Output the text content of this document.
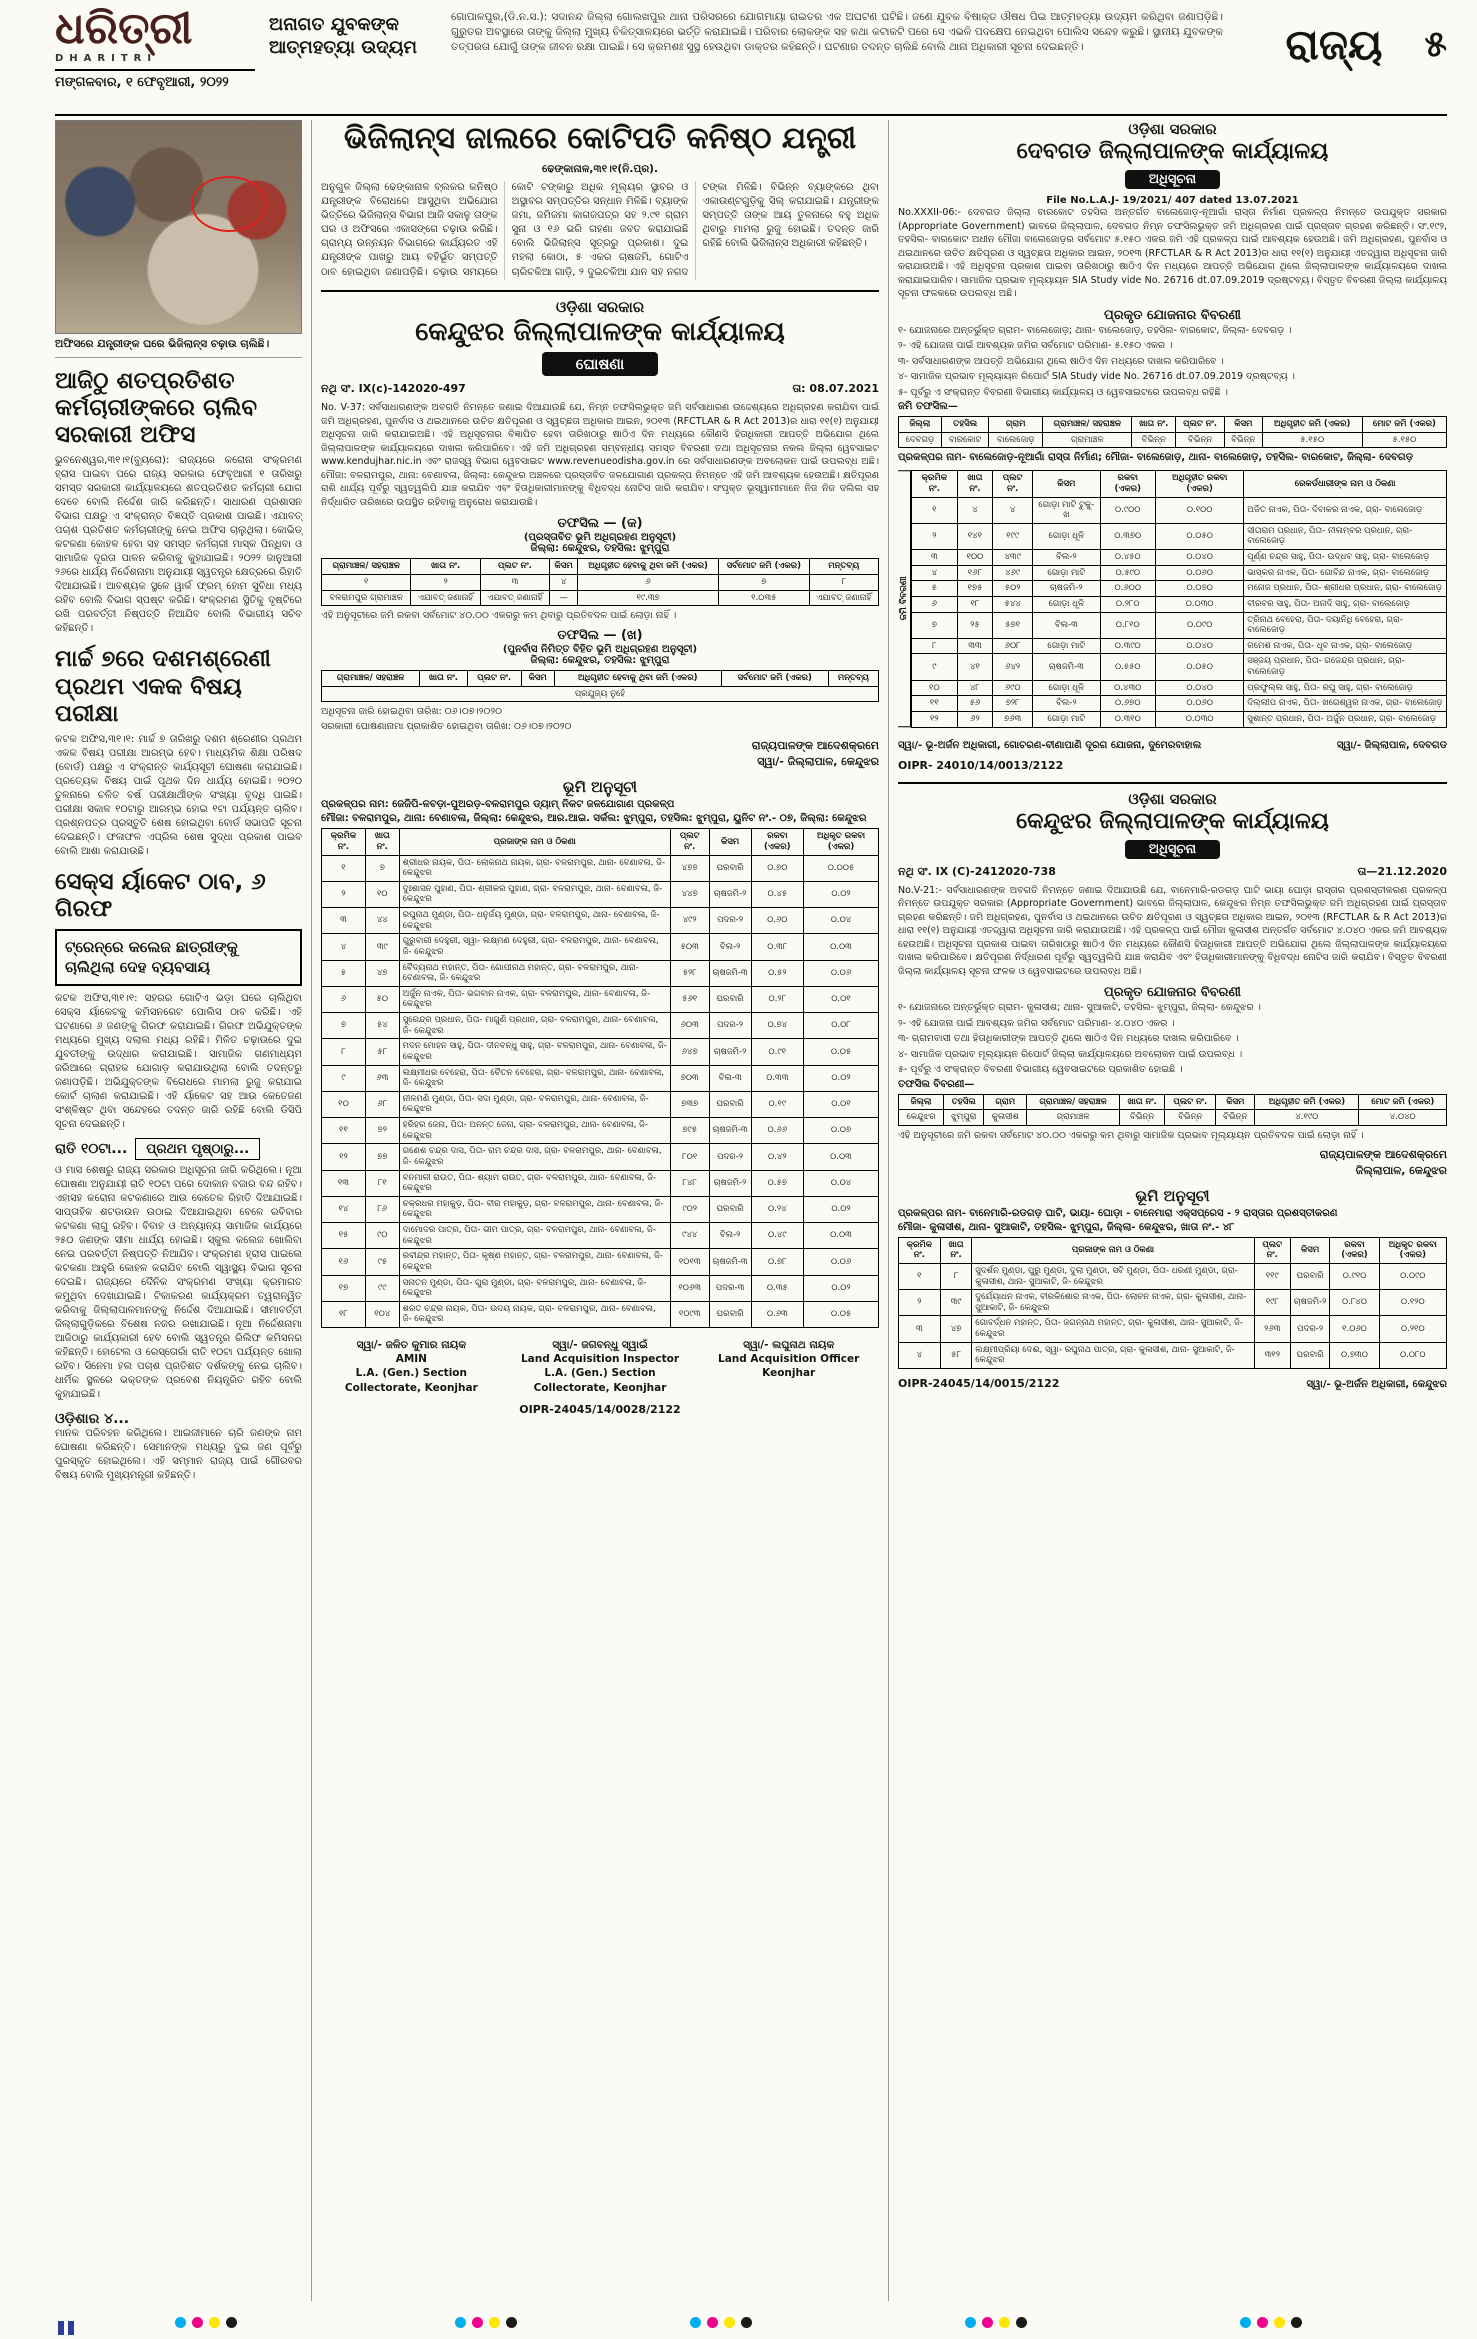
ଧରିତ୍ରୀ
DHARITRI
ମଙ୍ଗଳବାର, ୧ ଫେବୃଆରୀ, ୨୦୨୨
ଅନାଗତ ଯୁବକଙ୍କ
ଆତ୍ମହତ୍ୟା ଉଦ୍ୟମ
ଗୋପାଳପୁର,(ଡି.ନ.ସ.): ସଦାନନ୍ଦ ଜିଲ୍ଲା ଗୋଲଖପୁର ଥାନା ପରିସରରେ ଯୋଗମାୟା ରାଇତର ଏକ ଅଘଟଣ ଘଟିଛି। ଜଣେ ଯୁବକ ବିଷାକ୍ତ ଔଷଧ ପିଇ ଆତ୍ମହତ୍ୟା ଉଦ୍ୟମ କରିଥିବା ଜଣାପଡ଼ିଛି। ଗୁରୁତର ଅବସ୍ଥାରେ ତାଙ୍କୁ ଜିଲ୍ଲା ମୁଖ୍ୟ ଚିକିତ୍ସାଳୟରେ ଭର୍ତ୍ତି କରାଯାଇଛି। ପରିବାର ଲୋକଙ୍କ ସହ କଥା କଟାକଟି ପରେ ସେ ଏଭଳି ପଦକ୍ଷେପ ନେଇଥିବା ପୋଲିସ ସନ୍ଦେହ କରୁଛି। ସ୍ଥାନୀୟ ଯୁବକଙ୍କ ତତ୍ପରତା ଯୋଗୁଁ ତାଙ୍କ ଜୀବନ ରକ୍ଷା ପାଇଛି। ସେ କ୍ରମଶଃ ସୁସ୍ଥ ହେଉଥିବା ଡାକ୍ତର କହିଛନ୍ତି। ଘଟଣାର ତଦନ୍ତ ଚାଲିଛି ବୋଲି ଥାନା ଅଧିକାରୀ ସୂଚନା ଦେଇଛନ୍ତି।	ରାଜ୍ୟ ୫
ଅଫିସରେ ଯନ୍ତ୍ରୀଙ୍କ ଘରେ ଭିଜିଲାନ୍ସ ଚଢ଼ାଉ ଚାଲିଛି।
ଆଜିଠୁ ଶତପ୍ରତିଶତ କର୍ମଚାରୀଙ୍କରେ ଚାଲିବ ସରକାରୀ ଅଫିସ

ଭୁବନେଶ୍ୱର,୩୧।୧(ବ୍ୟୁରୋ): ରାଜ୍ୟରେ କରୋନା ସଂକ୍ରମଣ ହ୍ରାସ ପାଇବା ପରେ ରାଜ୍ୟ ସରକାର ଫେବୃଆରୀ ୧ ତାରିଖରୁ ସମସ୍ତ ସରକାରୀ କାର୍ଯ୍ୟାଳୟରେ ଶତପ୍ରତିଶତ କର୍ମଚାରୀ ଯୋଗ ଦେବେ ବୋଲି ନିର୍ଦ୍ଦେଶ ଜାରି କରିଛନ୍ତି। ସାଧାରଣ ପ୍ରଶାସନ ବିଭାଗ ପକ୍ଷରୁ ଏ ସଂକ୍ରାନ୍ତ ବିଜ୍ଞପ୍ତି ପ୍ରକାଶ ପାଇଛି। ଏଯାବତ୍ ପଚାଶ ପ୍ରତିଶତ କର୍ମଚାରୀଙ୍କୁ ନେଇ ଅଫିସ ଚାଲୁଥିଲା। କୋଭିଡ୍ କଟକଣା କୋହଳ ହେବା ସହ ସମସ୍ତ କର୍ମଚାରୀ ମାସ୍କ ପିନ୍ଧିବା ଓ ସାମାଜିକ ଦୂରତା ପାଳନ କରିବାକୁ କୁହାଯାଇଛି। ୨୦୨୨ ଜାନୁଆରୀ ୨୬ରେ ଧାର୍ଯ୍ୟ ନିର୍ଦ୍ଦେଶନାମା ଅନୁଯାୟୀ ସ୍ୱତନ୍ତ୍ର କ୍ଷେତ୍ରରେ ରିହାତି ଦିଆଯାଇଛି। ଆବଶ୍ୟକ ସ୍ଥଳେ ୱାର୍କ ଫ୍ରମ୍ ହୋମ ସୁବିଧା ମଧ୍ୟ ରହିବ ବୋଲି ବିଭାଗ ସ୍ପଷ୍ଟ କରିଛି। ସଂକ୍ରମଣ ସ୍ଥିତିକୁ ଦୃଷ୍ଟିରେ ରଖି ପରବର୍ତ୍ତୀ ନିଷ୍ପତ୍ତି ନିଆଯିବ ବୋଲି ବିଭାଗୀୟ ସଚିବ କହିଛନ୍ତି।

ମାର୍ଚ୍ଚ ୭ରେ ଦଶମଶ୍ରେଣୀ ପ୍ରଥମ ଏକକ ବିଷୟ ପରୀକ୍ଷା

କଟକ ଅଫିସ,୩୧।୧: ମାର୍ଚ୍ଚ ୭ ତାରିଖରୁ ଦଶମ ଶ୍ରେଣୀର ପ୍ରଥମ ଏକକ ବିଷୟ ପରୀକ୍ଷା ଆରମ୍ଭ ହେବ। ମାଧ୍ୟମିକ ଶିକ୍ଷା ପରିଷଦ (ବୋର୍ଡ) ପକ୍ଷରୁ ଏ ସଂକ୍ରାନ୍ତ କାର୍ଯ୍ୟସୂଚୀ ଘୋଷଣା କରାଯାଇଛି। ପ୍ରତ୍ୟେକ ବିଷୟ ପାଇଁ ପୃଥକ ଦିନ ଧାର୍ଯ୍ୟ ହୋଇଛି। ୨୦୨୦ ତୁଳନାରେ ଚଳିତ ବର୍ଷ ପରୀକ୍ଷାର୍ଥୀଙ୍କ ସଂଖ୍ୟା ବୃଦ୍ଧି ପାଇଛି। ପରୀକ୍ଷା ସକାଳ ୧୦ଟାରୁ ଆରମ୍ଭ ହୋଇ ୧ଟା ପର୍ଯ୍ୟନ୍ତ ଚାଲିବ। ପ୍ରଶ୍ନପତ୍ର ପ୍ରସ୍ତୁତି ଶେଷ ହୋଇଥିବା ବୋର୍ଡ ସଭାପତି ସୂଚନା ଦେଇଛନ୍ତି। ଫଳାଫଳ ଏପ୍ରିଲ ଶେଷ ସୁଦ୍ଧା ପ୍ରକାଶ ପାଇବ ବୋଲି ଆଶା କରାଯାଉଛି।

ସେକ୍ସ ର୍ୟାକେଟ ଠାବ, ୬ ଗିରଫ
ଟ୍ରେନ୍‌ରେ କଲେଜ ଛାତ୍ରୀଙ୍କୁ ଚାଲିଥିଲା ଦେହ ବ୍ୟବସାୟ

କଟକ ଅଫିସ,୩୧।୧: ସହରର ଗୋଟିଏ ଭଡ଼ା ଘରେ ଚାଲିଥିବା ସେକ୍ସ ର୍ୟାକେଟକୁ କମିସନରେଟ ପୋଲିସ ଠାବ କରିଛି। ଏହି ଘଟଣାରେ ୬ ଜଣଙ୍କୁ ଗିରଫ କରାଯାଇଛି। ଗିରଫ ଅଭିଯୁକ୍ତଙ୍କ ମଧ୍ୟରେ ମୁଖ୍ୟ ଦଲାଲ ମଧ୍ୟ ରହିଛି। ମିଳିତ ଚଢ଼ାଉରେ ଦୁଇ ଯୁବତୀଙ୍କୁ ଉଦ୍ଧାର କରାଯାଇଛି। ସାମାଜିକ ଗଣମାଧ୍ୟମ ଜରିଆରେ ଗ୍ରାହକ ଯୋଗାଡ଼ କରାଯାଉଥିଲା ବୋଲି ତଦନ୍ତରୁ ଜଣାପଡ଼ିଛି। ଅଭିଯୁକ୍ତଙ୍କ ବିରୋଧରେ ମାମଲା ରୁଜୁ କରାଯାଇ କୋର୍ଟ ଚାଲାଣ କରାଯାଇଛି। ଏହି ର୍ୟାକେଟ ସହ ଆଉ କେତେଜଣ ସଂଶ୍ଳିଷ୍ଟ ଥିବା ସନ୍ଦେହରେ ତଦନ୍ତ ଜାରି ରହିଛି ବୋଲି ଡିସିପି ସୂଚନା ଦେଇଛନ୍ତି।

ରାତି ୧୦ଟା... ପ୍ରଥମ ପୃଷ୍ଠାରୁ...

ଓ ମାସ ଶେଷରୁ ରାଜ୍ୟ ସରକାର ଅଧିସୂଚନା ଜାରି କରିଥିଲେ। ନୂଆ ଘୋଷଣା ଅନୁଯାୟୀ ରାତି ୧୦ଟା ପରେ ଦୋକାନ ବଜାର ବନ୍ଦ ରହିବ। ଏହାସହ କରୋନା କଟକଣାରେ ଆଉ କେତେକ ରିହାତି ଦିଆଯାଇଛି। ସାପ୍ତାହିକ ଶଟଡାଉନ ଉଠାଇ ଦିଆଯାଇଥିବା ବେଳେ ରବିବାର କଟକଣା ଲାଗୁ ରହିବ। ବିବାହ ଓ ଅନ୍ୟାନ୍ୟ ସାମାଜିକ କାର୍ଯ୍ୟରେ ୨୫୦ ଜଣଙ୍କ ସୀମା ଧାର୍ଯ୍ୟ ହୋଇଛି। ସ୍କୁଲ କଲେଜ ଖୋଲିବା ନେଇ ପରବର୍ତ୍ତୀ ନିଷ୍ପତ୍ତି ନିଆଯିବ। ସଂକ୍ରମଣ ହ୍ରାସ ପାଇଲେ କଟକଣା ଆହୁରି କୋହଳ କରାଯିବ ବୋଲି ସ୍ୱାସ୍ଥ୍ୟ ବିଭାଗ ସୂଚନା ଦେଇଛି। ରାଜ୍ୟରେ ଦୈନିକ ସଂକ୍ରମଣ ସଂଖ୍ୟା କ୍ରମାଗତ କମୁଥିବା ଦେଖାଯାଇଛି। ଟିକାକରଣ କାର୍ଯ୍ୟକ୍ରମ ତ୍ୱରାନ୍ୱିତ କରିବାକୁ ଜିଲ୍ଲାପାଳମାନଙ୍କୁ ନିର୍ଦ୍ଦେଶ ଦିଆଯାଇଛି। ସୀମାବର୍ତ୍ତୀ ଜିଲ୍ଲାଗୁଡ଼ିକରେ ବିଶେଷ ନଜର ରଖାଯାଇଛି। ନୂଆ ନିର୍ଦ୍ଦେଶନାମା ଆଜିଠାରୁ କାର୍ଯ୍ୟକାରୀ ହେବ ବୋଲି ସ୍ୱତନ୍ତ୍ର ରିଲିଫ କମିସନର କହିଛନ୍ତି। ହୋଟେଲ ଓ ରେସ୍ତୋରାଁ ରାତି ୧୦ଟା ପର୍ଯ୍ୟନ୍ତ ଖୋଲା ରହିବ। ସିନେମା ହଲ ପଚାଶ ପ୍ରତିଶତ ଦର୍ଶକଙ୍କୁ ନେଇ ଚାଲିବ। ଧାର୍ମିକ ସ୍ଥଳରେ ଭକ୍ତଙ୍କ ପ୍ରବେଶ ନିୟନ୍ତ୍ରିତ ରହିବ ବୋଲି କୁହାଯାଇଛି।

ଓଡ଼ିଶାର ୪...

ମାନକ ପରିବହନ କରିଥିଲେ। ଆଇଜୀମାନେ ଚାରି ଜଣଙ୍କ ନାମ ଘୋଷଣା କରିଛନ୍ତି। ସେମାନଙ୍କ ମଧ୍ୟରୁ ଦୁଇ ଜଣ ପୂର୍ବରୁ ପୁରସ୍କୃତ ହୋଇଥିଲେ। ଏହି ସମ୍ମାନ ରାଜ୍ୟ ପାଇଁ ଗୌରବର ବିଷୟ ବୋଲି ମୁଖ୍ୟମନ୍ତ୍ରୀ କହିଛନ୍ତି।

ଭିଜିଲାନ୍ସ ଜାଲରେ କୋଟିପତି କନିଷ୍ଠ ଯନ୍ତ୍ରୀ
ଢେଙ୍କାନାଳ,୩୧।୧(ନି.ପ୍ର).
ଅନୁଗୁଳ ଜିଲ୍ଲା ଢେଙ୍କାନାଳ ବ୍ଲକର କନିଷ୍ଠ ଯନ୍ତ୍ରୀଙ୍କ ବିରୋଧରେ ଆସୁଥିବା ଅଭିଯୋଗ ଭିତ୍ତିରେ ଭିଜିଲାନ୍ସ ବିଭାଗ ଆଜି ସକାଳୁ ତାଙ୍କ ଘର ଓ ଅଫିସରେ ଏକାସଙ୍ଗେ ଚଢ଼ାଉ କରିଛି। ଗ୍ରାମ୍ୟ ଉନ୍ନୟନ ବିଭାଗରେ କାର୍ଯ୍ୟରତ ଏହି ଯନ୍ତ୍ରୀଙ୍କ ପାଖରୁ ଆୟ ବହିର୍ଭୂତ ସମ୍ପତ୍ତି ଠାବ ହୋଇଥିବା ଜଣାପଡ଼ିଛି। ଚଢ଼ାଉ ସମୟରେ କୋଟି ଟଙ୍କାରୁ ଅଧିକ ମୂଲ୍ୟର ସ୍ଥାବର ଓ ଅସ୍ଥାବର ସମ୍ପତ୍ତିର ସନ୍ଧାନ ମିଳିଛି। ବ୍ୟାଙ୍କ ଜମା, ଜମିଜମା କାଗଜପତ୍ର ସହ ୨.୯୧ ଗ୍ରାମ ସୁନା ଓ ୧୬ ଭରି ଗହଣା ଜବତ କରାଯାଇଛି ବୋଲି ଭିଜିଲାନ୍ସ ସୂତ୍ରରୁ ପ୍ରକାଶ। ଦୁଇ ମହଲା କୋଠା, ୫ ଏକର ଚାଷଜମି, ଗୋଟିଏ ଚାରିଚକିଆ ଗାଡ଼ି, ୨ ଦୁଇଚକିଆ ଯାନ ସହ ନଗଦ ଟଙ୍କା ମିଳିଛି। ବିଭିନ୍ନ ବ୍ୟାଙ୍କରେ ଥିବା ଏକାଉଣ୍ଟଗୁଡ଼ିକୁ ସିଲ୍ କରାଯାଇଛି। ଯନ୍ତ୍ରୀଙ୍କ ସମ୍ପତ୍ତି ତାଙ୍କ ଆୟ ତୁଳନାରେ ବହୁ ଅଧିକ ଥିବାରୁ ମାମଲା ରୁଜୁ ହୋଇଛି। ତଦନ୍ତ ଜାରି ରହିଛି ବୋଲି ଭିଜିଲାନ୍ସ ଅଧିକାରୀ କହିଛନ୍ତି।
ଓଡ଼ିଶା ସରକାର
କେନ୍ଦୁଝର ଜିଲ୍ଲାପାଳଙ୍କ କାର୍ଯ୍ୟାଳୟ
ଘୋଷଣା
ନଥି ସଂ. IX(c)-142020-497	ତା: 08.07.2021

No. V-37: ସର୍ବସାଧାରଣଙ୍କ ଅବଗତି ନିମନ୍ତେ ଜଣାଇ ଦିଆଯାଉଛି ଯେ, ନିମ୍ନ ତଫସିଲଭୁକ୍ତ ଜମି ସର୍ବସାଧାରଣ ଉଦ୍ଦେଶ୍ୟରେ ଅଧିଗ୍ରହଣ କରାଯିବା ପାଇଁ ଜମି ଅଧିଗ୍ରହଣ, ପୁନର୍ବାସ ଓ ଥଇଥାନରେ ଉଚିତ କ୍ଷତିପୂରଣ ଓ ସ୍ୱଚ୍ଛତା ଅଧିକାର ଆଇନ, ୨୦୧୩ (RFCTLAR & R Act 2013)ର ଧାରା ୧୧(୧) ଅନୁଯାୟୀ ଅଧିସୂଚନା ଜାରି କରାଯାଇଅଛି। ଏହି ଅଧିସୂଚନାର ବିଜ୍ଞାପିତ ହେବା ତାରିଖଠାରୁ ଷାଠିଏ ଦିନ ମଧ୍ୟରେ କୌଣସି ହିତାଧିକାରୀ ଆପତ୍ତି ଅଭିଯୋଗ ଥିଲେ ଜିଲ୍ଲାପାଳଙ୍କ କାର୍ଯ୍ୟାଳୟରେ ଦାଖଲ କରିପାରିବେ। ଏହି ଜମି ଅଧିଗ୍ରହଣ ସମ୍ବନ୍ଧୀୟ ସମସ୍ତ ବିବରଣୀ ତଥା ଅଧିସୂଚନାର ନକଲ ଜିଲ୍ଲା ୱେବସାଇଟ www.kendujhar.nic.in ଏବଂ ରାଜସ୍ୱ ବିଭାଗ ୱେବସାଇଟ www.revenueodisha.gov.in ରେ ସର୍ବସାଧାରଣଙ୍କ ଅବଲୋକନ ପାଇଁ ଉପଲବ୍ଧ ଅଛି। ମୌଜା: ବଳରାମପୁର, ଥାନା: ବେଣାବଳା, ଜିଲ୍ଲା: କେନ୍ଦୁଝର ଅଞ୍ଚଳରେ ପ୍ରସ୍ତାବିତ ଜଳଯୋଗାଣ ପ୍ରକଳ୍ପ ନିମନ୍ତେ ଏହି ଜମି ଆବଶ୍ୟକ ହେଉଅଛି। କ୍ଷତିପୂରଣ ରାଶି ଧାର୍ଯ୍ୟ ପୂର୍ବରୁ ସ୍ୱତ୍ୱଲିପି ଯାଞ୍ଚ କରାଯିବ ଏବଂ ହିତାଧିକାରୀମାନଙ୍କୁ ବିଧିବଦ୍ଧ ନୋଟିସ ଜାରି କରାଯିବ। ସଂପୃକ୍ତ ଭୂସ୍ୱାମୀମାନେ ନିଜ ନିଜ ଦଲିଲ ସହ ନିର୍ଦ୍ଧାରିତ ତାରିଖରେ ଉପସ୍ଥିତ ରହିବାକୁ ଅନୁରୋଧ କରାଯାଉଛି।

ତଫସିଲ — (କ)
(ପ୍ରସ୍ତାବିତ ଭୂମି ଅଧିଗ୍ରହଣ ଅନୁସୂଚୀ)
ଜିଲ୍ଲା: କେନ୍ଦୁଝର, ତହସିଲ: ଝୁମ୍ପୁରା
ଗ୍ରାମାଞ୍ଚଳ/ ସହରାଞ୍ଚଳ	ଖାତା ନଂ.	ପ୍ଲଟ ନଂ.	କିସମ	ଅଧିଗୃହୀତ ହେବାକୁ ଥିବା ଜମି (ଏକର)	ସର୍ବମୋଟ ଜମି (ଏକର)	ମନ୍ତବ୍ୟ
୧	୨	୩	୪	୬	୭	୮
ବଳରାମପୁର ଗ୍ରାମାଞ୍ଚଳ	ଏଯାବତ୍ ଜଣାନାହିଁ	ଏଯାବତ୍ ଜଣାନାହିଁ	—	୧୯.୩୭	୧.୦୩୫	ଏଯାବତ୍ ଜଣାନାହିଁ
ଏହି ଅନୁସୂଚୀରେ ଜମି ରକବା ସର୍ବମୋଟ ୪୦.୦୦ ଏକରରୁ କମ ଥିବାରୁ ପ୍ରତିବଦଳ ପାଇଁ ଲୋଡ଼ା ନାହିଁ ।
ତଫସିଲ — (ଖ)
(ପୁନର୍ବାସ ନିମିତ୍ତ ବିହିତ ଭୂମି ଅଧିଗ୍ରହଣ ଅନୁସୂଚୀ)
ଜିଲ୍ଲା: କେନ୍ଦୁଝର, ତହସିଲ: ଝୁମ୍ପୁରା
ଗ୍ରାମାଞ୍ଚଳ/ ସହରାଞ୍ଚଳ	ଖାତା ନଂ.	ପ୍ଲଟ ନଂ.	କିସମ	ଅଧିଗୃହୀତ ହେବାକୁ ଥିବା ଜମି (ଏକର)	ସର୍ବମୋଟ ଜମି (ଏକର)	ମନ୍ତବ୍ୟ
ପ୍ରଯୁଜ୍ୟ ନୁହେଁ
ଅଧିସୂଚନା ଜାରି ହୋଇଥିବା ତାରିଖ: ୦୬।୦୭।୨୦୨୦
ସରକାରୀ ଘୋଷଣାନାମା ପ୍ରକାଶିତ ହୋଇଥିବା ତାରିଖ: ୦୬।୦୭।୨୦୨୦
ରାଜ୍ୟପାଳଙ୍କ ଆଦେଶକ୍ରମେ
ସ୍ୱା/- ଜିଲ୍ଲାପାଳ, କେନ୍ଦୁଝର
ଭୂମି ଅନୁସୂଚୀ
ପ୍ରକଳ୍ପର ନାମ: ଜେଜିପି-ଳବଡ଼ା-ପୁଅରଡ଼-ବଳରାମପୁର ଡ୍ୟାମ୍ ନିକଟ ଜଳଯୋଗାଣ ପ୍ରକଳ୍ପ
ମୌଜା: ବଳରାମପୁର, ଥାନା: ବେଣାବଳା, ଜିଲ୍ଲା: କେନ୍ଦୁଝର, ଆର.ଆଇ. ସର୍କଲ: ଝୁମ୍ପୁରା, ତହସିଲ: ଝୁମ୍ପୁରା, ୟୁନିଟ ନଂ.- ୦୭, ଜିଲ୍ଲା: କେନ୍ଦୁଝର
କ୍ରମିକ ନଂ.	ଖାତା ନଂ.	ପ୍ରଜାଙ୍କ ନାମ ଓ ଠିକଣା	ପ୍ଲଟ ନଂ.	କିସମ	ରକବା (ଏକର)	ଅଧିକୃତ ରକବା (ଏକର)
୧	୭	ଶ୍ରୀଧର ନାୟକ, ପିତା- ଲୋକନାଥ ନାୟକ, ଗ୍ରା- ବଳରାମପୁର, ଥାନା- ବେଣାବଳା, ଜି- କେନ୍ଦୁଝର	୪୭୭	ଘରବାରି	୦.୭୦	୦.୦୦୫
୨	୧୦	ଦୁଃଶାସନ ପୁହାଣ, ପିତା- ଶ୍ରୀକର ପୁହାଣ, ଗ୍ରା- ବଳରାମପୁର, ଥାନା- ବେଣାବଳା, ଜି- କେନ୍ଦୁଝର	୪୪୭	ଚାଷଜମି-୨	୦.୪୫	୦.୦୨
୩	୪୪	ରଘୁନାଥ ମୁଣ୍ଡା, ପିତା- ଧନୁର୍ଜୟ ମୁଣ୍ଡା, ଗ୍ରା- ବଳରାମପୁର, ଥାନା- ବେଣାବଳା, ଜି- କେନ୍ଦୁଝର	୪୯୨	ପଦର-୨	୦.୬୦	୦.୦୪
୪	୩୯	ଗୁରୁବାରୀ ଦେହୁରୀ, ସ୍ୱା- ଲକ୍ଷ୍ମଣ ଦେହୁରୀ, ଗ୍ରା- ବଳରାମପୁର, ଥାନା- ବେଣାବଳା, ଜି- କେନ୍ଦୁଝର	୫୦୩	ବିଲ-୨	୦.୩୮	୦.୦୩
୫	୪୭	ବୈଦ୍ୟନାଥ ମହାନ୍ତ, ପିତା- ଗୋପୀନାଥ ମହାନ୍ତ, ଗ୍ରା- ବଳରାମପୁର, ଥାନା- ବେଣାବଳା, ଜି- କେନ୍ଦୁଝର	୫୨୮	ଚାଷଜମି-୩	୦.୫୨	୦.୦୬
୬	୫୦	ଅର୍ଜୁନ ନାଏକ, ପିତା- ଭଗବାନ ନାଏକ, ଗ୍ରା- ବଳରାମପୁର, ଥାନା- ବେଣାବଳା, ଜି- କେନ୍ଦୁଝର	୫୬୧	ଘରବାରି	୦.୨୮	୦.୦୧
୭	୫୪	ସୁରେନ୍ଦ୍ର ପ୍ରଧାନ, ପିତା- ମାଗୁଣି ପ୍ରଧାନ, ଗ୍ରା- ବଳରାମପୁର, ଥାନା- ବେଣାବଳା, ଜି- କେନ୍ଦୁଝର	୬୦୩	ପଦର-୨	୦.୭୪	୦.୦୮
୮	୫୮	ମଦନ ମୋହନ ସାହୁ, ପିତା- ଦୀନବନ୍ଧୁ ସାହୁ, ଗ୍ରା- ବଳରାମପୁର, ଥାନା- ବେଣାବଳା, ଜି- କେନ୍ଦୁଝର	୬୪୭	ଚାଷଜମି-୨	୦.୯୧	୦.୦୫
୯	୬୩	ଲକ୍ଷ୍ମୀଧର ବେହେରା, ପିତା- ଚୈତନ ବେହେରା, ଗ୍ରା- ବଳରାମପୁର, ଥାନା- ବେଣାବଳା, ଜି- କେନ୍ଦୁଝର	୭୦୩	ବିଲ-୩	୦.୩୩	୦.୦୨
୧୦	୬୮	ନୀଳମଣି ମୁଣ୍ଡା, ପିତା- ସଦା ମୁଣ୍ଡା, ଗ୍ରା- ବଳରାମପୁର, ଥାନା- ବେଣାବଳା, ଜି- କେନ୍ଦୁଝର	୭୩୭	ଘରବାରି	୦.୧୯	୦.୦୧
୧୧	୭୨	ହରିହର ଜେନା, ପିତା- ଅନନ୍ତ ଜେନା, ଗ୍ରା- ବଳରାମପୁର, ଥାନା- ବେଣାବଳା, ଜି- କେନ୍ଦୁଝର	୭୯୫	ଚାଷଜମି-୩	୦.୬୬	୦.୦୭
୧୨	୭୭	ଗଣେଶ ଚନ୍ଦ୍ର ଦାସ, ପିତା- ରାମ ଚନ୍ଦ୍ର ଦାସ, ଗ୍ରା- ବଳରାମପୁର, ଥାନା- ବେଣାବଳା, ଜି- କେନ୍ଦୁଝର	୮୦୧	ପଦର-୨	୦.୪୨	୦.୦୩
୧୩	୮୧	ବନମାଳୀ ରାଉତ, ପିତା- ଶ୍ୟାମ ରାଉତ, ଗ୍ରା- ବଳରାମପୁର, ଥାନା- ବେଣାବଳା, ଜି- କେନ୍ଦୁଝର	୮୪୮	ଚାଷଜମି-୨	୦.୫୭	୦.୦୪
୧୪	୮୬	ଚକ୍ରଧର ମହାକୁଡ଼, ପିତା- ବୀର ମହାକୁଡ଼, ଗ୍ରା- ବଳରାମପୁର, ଥାନା- ବେଣାବଳା, ଜି- କେନ୍ଦୁଝର	୯୦୨	ଘରବାରି	୦.୨୪	୦.୦୨
୧୫	୯୦	ଦାମୋଦର ପାତ୍ର, ପିତା- ଭୀମ ପାତ୍ର, ଗ୍ରା- ବଳରାମପୁର, ଥାନା- ବେଣାବଳା, ଜି- କେନ୍ଦୁଝର	୯୪୪	ବିଲ-୨	୦.୪୯	୦.୦୩
୧୬	୯୫	ରବୀନ୍ଦ୍ର ମହାନ୍ତ, ପିତା- କୃଷ୍ଣ ମହାନ୍ତ, ଗ୍ରା- ବଳରାମପୁର, ଥାନା- ବେଣାବଳା, ଜି- କେନ୍ଦୁଝର	୧୦୧୩	ଚାଷଜମି-୩	୦.୭୮	୦.୦୬
୧୭	୯୯	ସନାତନ ମୁଣ୍ଡା, ପିତା- ଗୁରା ମୁଣ୍ଡା, ଗ୍ରା- ବଳରାମପୁର, ଥାନା- ବେଣାବଳା, ଜି- କେନ୍ଦୁଝର	୧୦୬୩	ପଦର-୩	୦.୩୫	୦.୦୨
୧୮	୧୦୪	ଶରତ ଚନ୍ଦ୍ର ନାୟକ, ପିତା- ଉଦୟ ନାୟକ, ଗ୍ରା- ବଳରାମପୁର, ଥାନା- ବେଣାବଳା, ଜି- କେନ୍ଦୁଝର	୧୦୯୩	ଘରବାରି	୦.୬୩	୦.୦୫
ସ୍ୱା/- ଜଳିତ କୁମାର ନାୟକ
AMIN
L.A. (Gen.) Section
Collectorate, Keonjhar
ସ୍ୱା/- ଜଗବନ୍ଧୁ ସ୍ୱାଇଁ
Land Acquisition Inspector
L.A. (Gen.) Section
Collectorate, Keonjhar
ସ୍ୱା/- ଲଘୁନାଥ ନାୟକ
Land Acquisition Officer
Keonjhar
OIPR-24045/14/0028/2122
ଓଡ଼ିଶା ସରକାର
ଦେବଗଡ ଜିଲ୍ଲାପାଳଙ୍କ କାର୍ଯ୍ୟାଳୟ
ଅଧିସୂଚନା
File No.L.A.J- 19/2021/ 407 dated 13.07.2021

No.XXXII-06:- ଦେବଗଡ ଜିଲ୍ଲା ବାରକୋଟ ତହସିଲ ଅନ୍ତର୍ଗତ ବାଲେଜୋଡ଼-ନୂଆଗାଁ ରାସ୍ତା ନିର୍ମାଣ ପ୍ରକଳ୍ପ ନିମନ୍ତେ ଉପଯୁକ୍ତ ସରକାର (Appropriate Government) ଭାବରେ ଜିଲ୍ଲାପାଳ, ଦେବଗଡ ନିମ୍ନ ତଫସିଲଭୁକ୍ତ ଜମି ଅଧିଗ୍ରହଣ ପାଇଁ ପ୍ରସ୍ତାବ ଗ୍ରହଣ କରିଛନ୍ତି। ସଂ.୧୯୨, ତହସିଲ- ବାରକୋଟ ଅଧୀନ ମୌଜା ବାଲେଜୋଡ଼ର ସର୍ବମୋଟ ୫.୧୫୦ ଏକର ଜମି ଏହି ପ୍ରକଳ୍ପ ପାଇଁ ଆବଶ୍ୟକ ହେଉଅଛି। ଜମି ଅଧିଗ୍ରହଣ, ପୁନର୍ବାସ ଓ ଥଇଥାନରେ ଉଚିତ କ୍ଷତିପୂରଣ ଓ ସ୍ୱଚ୍ଛତା ଅଧିକାର ଆଇନ, ୨୦୧୩ (RFCTLAR & R Act 2013)ର ଧାରା ୧୧(୧) ଅନୁଯାୟୀ ଏତଦ୍ଦ୍ୱାରା ଅଧିସୂଚନା ଜାରି କରାଯାଉଅଛି। ଏହି ଅଧିସୂଚନା ପ୍ରକାଶ ପାଇବା ତାରିଖଠାରୁ ଷାଠିଏ ଦିନ ମଧ୍ୟରେ ଆପତ୍ତି ଅଭିଯୋଗ ଥିଲେ ଜିଲ୍ଲାପାଳଙ୍କ କାର୍ଯ୍ୟାଳୟରେ ଦାଖଲ କରାଯାଇପାରିବ। ସାମାଜିକ ପ୍ରଭାବ ମୂଲ୍ୟାୟନ SIA Study vide No. 26716 dt.07.09.2019 ଦ୍ରଷ୍ଟବ୍ୟ। ବିସ୍ତୃତ ବିବରଣୀ ଜିଲ୍ଲା କାର୍ଯ୍ୟାଳୟ ସୂଚନା ଫଳକରେ ଉପଲବ୍ଧ ଅଛି।

ପ୍ରକୃତ ଯୋଜନାର ବିବରଣୀ

୧- ଯୋଜନାରେ ଅନ୍ତର୍ଭୁକ୍ତ ଗ୍ରାମ- ବାଲେଜୋଡ଼; ଥାନା- ବାଲେଜୋଡ଼, ତହସିଲ- ବାରକୋଟ, ଜିଲ୍ଲା- ଦେବଗଡ଼ ।

୨- ଏହି ଯୋଜନା ପାଇଁ ଆବଶ୍ୟକ ଜମିର ସର୍ବମୋଟ ପରିମାଣ- ୫.୧୫୦ ଏକର ।

୩- ସର୍ବସାଧାରଣଙ୍କ ଆପତ୍ତି ଅଭିଯୋଗ ଥିଲେ ଷାଠିଏ ଦିନ ମଧ୍ୟରେ ଦାଖଲ କରିପାରିବେ ।

୪- ସାମାଜିକ ପ୍ରଭାବ ମୂଲ୍ୟାୟନ ରିପୋର୍ଟ SIA Study vide No. 26716 dt.07.09.2019 ଦ୍ରଷ୍ଟବ୍ୟ ।

୫- ପୂର୍ବରୁ ଏ ସଂକ୍ରାନ୍ତ ବିବରଣୀ ବିଭାଗୀୟ କାର୍ଯ୍ୟାଳୟ ଓ ୱେବସାଇଟରେ ଉପଲବ୍ଧ ରହିଛି ।

ଜମି ତଫସିଲ—
ଜିଲ୍ଲା	ତହସିଲ	ଗ୍ରାମ	ଗ୍ରାମାଞ୍ଚଳ/ ସହରାଞ୍ଚଳ	ଖାତା ନଂ.	ପ୍ଲଟ ନଂ.	କିସମ	ଅଧିଗୃହୀତ ଜମି (ଏକର)	ମୋଟ ଜମି (ଏକର)
ଦେବଗଡ଼	ବାରକୋଟ	ବାଲେଜୋଡ଼	ଗ୍ରାମାଞ୍ଚଳ	ବିଭିନ୍ନ	ବିଭିନ୍ନ	ବିଭିନ୍ନ	୫.୧୫୦	୫.୧୫୦
ପ୍ରକଳ୍ପର ନାମ- ବାଲେଜୋଡ଼-ନୂଆଗାଁ ରାସ୍ତା ନିର୍ମାଣ; ମୌଜା- ବାଲେଜୋଡ଼, ଥାନା- ବାଲେଜୋଡ଼, ତହସିଲ- ବାରକୋଟ, ଜିଲ୍ଲା- ଦେବଗଡ଼
ଜମି ବିବରଣୀ
କ୍ରମିକ ନଂ.	ଖାତା ନଂ.	ପ୍ଲଟ ନଂ.	କିସମ	ରକବା (ଏକର)	ଅଧିଗୃହୀତ ରକବା (ଏକର)	ରେକର୍ଡଧାରୀଙ୍କ ନାମ ଓ ଠିକଣା
୧	୪	୪	ଗୋଡ଼ା ମାଟି ଟୁକୁ-ଖ	୦.୯୦୦	୦.୧୦୦	ଅଜିତ ନାଏକ, ପିତା- ଦିବାକର ନାଏକ, ଗ୍ରା- ବାଲେଜୋଡ଼
୨	୧୪୧	୧୯୯	ଗୋଡ଼ା ଧୂଳି	୦.୩୭୦	୦.୦୫୦	ସୀତାରାମ ପ୍ରଧାନ, ପିତା- ନୀଳାମ୍ବର ପ୍ରଧାନ, ଗ୍ରା- ବାଲେଜୋଡ଼
୩	୧୦୦	୪୩୯	ବିଲ-୨	୦.୪୫୦	୦.୦୪୦	ପୂର୍ଣ୍ଣ ଚନ୍ଦ୍ର ସାହୁ, ପିତା- ଉଦ୍ଧବ ସାହୁ, ଗ୍ରା- ବାଲେଜୋଡ଼
୪	୧୬୮	୪୬୯	ଗୋଡ଼ା ମାଟି	୦.୫୯୦	୦.୦୬୦	ଭାସ୍କର ନାଏକ, ପିତା- ଗୋବିନ୍ଦ ନାଏକ, ଗ୍ରା- ବାଲେଜୋଡ଼
୫	୧୭୫	୫୦୨	ଚାଷଜମି-୨	୦.୬୦୦	୦.୦୭୦	ମନୋଜ ପ୍ରଧାନ, ପିତା- ଶ୍ରୀଧର ପ୍ରଧାନ, ଗ୍ରା- ବାଲେଜୋଡ଼
୬	୧୮	୫୪୪	ଗୋଡ଼ା ଧୂଳି	୦.୨୮୦	୦.୦୩୦	ବୀରବର ସାହୁ, ପିତା- ଅନାଦି ସାହୁ, ଗ୍ରା- ବାଲେଜୋଡ଼
୭	୨୫	୫୭୧	ବିଲ-୩	୦.୮୧୦	୦.୦୯୦	ତ୍ରିନାଥ ବେହେରା, ପିତା- ଦୟାନିଧି ବେହେରା, ଗ୍ରା- ବାଲେଜୋଡ଼
୮	୩୩	୬୦୮	ଗୋଡ଼ା ମାଟି	୦.୩୯୦	୦.୦୪୦	ରମେଶ ନାଏକ, ପିତା- ଧୃବ ନାଏକ, ଗ୍ରା- ବାଲେଜୋଡ଼
୯	୪୧	୬୪୨	ଚାଷଜମି-୩	୦.୫୫୦	୦.୦୫୦	ସଞ୍ଜୟ ପ୍ରଧାନ, ପିତା- ଗଜେନ୍ଦ୍ର ପ୍ରଧାନ, ଗ୍ରା- ବାଲେଜୋଡ଼
୧୦	୪୮	୬୯୦	ଗୋଡ଼ା ଧୂଳି	୦.୪୩୦	୦.୦୪୦	ପ୍ରଫୁଲ୍ଲ ସାହୁ, ପିତା- ରଘୁ ସାହୁ, ଗ୍ରା- ବାଲେଜୋଡ଼
୧୧	୫୬	୭୨୮	ବିଲ-୨	୦.୬୭୦	୦.୦୬୦	ଦିଲ୍ଲୀପ ନାଏକ, ପିତା- ଖଗେଶ୍ୱର ନାଏକ, ଗ୍ରା- ବାଲେଜୋଡ଼
୧୨	୬୨	୭୬୩	ଗୋଡ଼ା ମାଟି	୦.୩୧୦	୦.୦୩୦	ସୁଶାନ୍ତ ପ୍ରଧାନ, ପିତା- ଅର୍ଜୁନ ପ୍ରଧାନ, ଗ୍ରା- ବାଲେଜୋଡ଼
ସ୍ୱା/- ଭୂ-ଅର୍ଜନ ଅଧିକାରୀ, ଗୋଚରଣ-ବୀଣାପାଣି ଦୂରଗ ଯୋଜନା, ଦୁମେରବାହାଲ	ସ୍ୱା/- ଜିଲ୍ଲାପାଳ, ଦେବଗଡ
OIPR- 24010/14/0013/2122
ଓଡ଼ିଶା ସରକାର
କେନ୍ଦୁଝର ଜିଲ୍ଲାପାଳଙ୍କ କାର୍ଯ୍ୟାଳୟ
ଅଧିସୂଚନା
ନଥି ସଂ. IX (C)-2412020-738	ତା—21.12.2020

No.V-21:- ସର୍ବସାଧାରଣଙ୍କ ଅବଗତି ନିମନ୍ତେ ଜଣାଇ ଦିଆଯାଉଛି ଯେ, ବାନେମାରି-ରଡଗଡ଼ ଘାଟି ଭାୟା ଘୋଡ଼ା ରାସ୍ତାର ପ୍ରଶସ୍ତୀକରଣ ପ୍ରକଳ୍ପ ନିମନ୍ତେ ଉପଯୁକ୍ତ ସରକାର (Appropriate Government) ଭାବରେ ଜିଲ୍ଲାପାଳ, କେନ୍ଦୁଝର ନିମ୍ନ ତଫସିଲଭୁକ୍ତ ଜମି ଅଧିଗ୍ରହଣ ପାଇଁ ପ୍ରସ୍ତାବ ଗ୍ରହଣ କରିଛନ୍ତି। ଜମି ଅଧିଗ୍ରହଣ, ପୁନର୍ବାସ ଓ ଥଇଥାନରେ ଉଚିତ କ୍ଷତିପୂରଣ ଓ ସ୍ୱଚ୍ଛତା ଅଧିକାର ଆଇନ, ୨୦୧୩ (RFCTLAR & R Act 2013)ର ଧାରା ୧୧(୧) ଅନୁଯାୟୀ ଏତଦ୍ଦ୍ୱାରା ଅଧିସୂଚନା ଜାରି କରାଯାଉଅଛି। ଏହି ପ୍ରକଳ୍ପ ପାଇଁ ମୌଜା କୁଳାସୀଶ ଅନ୍ତର୍ଗତ ସର୍ବମୋଟ ୪.୦୪୦ ଏକର ଜମି ଆବଶ୍ୟକ ହେଉଅଛି। ଅଧିସୂଚନା ପ୍ରକାଶ ପାଇବା ତାରିଖଠାରୁ ଷାଠିଏ ଦିନ ମଧ୍ୟରେ କୌଣସି ହିତାଧିକାରୀ ଆପତ୍ତି ଅଭିଯୋଗ ଥିଲେ ଜିଲ୍ଲାପାଳଙ୍କ କାର୍ଯ୍ୟାଳୟରେ ଦାଖଲ କରିପାରିବେ। କ୍ଷତିପୂରଣ ନିର୍ଦ୍ଧାରଣ ପୂର୍ବରୁ ସ୍ୱତ୍ୱଲିପି ଯାଞ୍ଚ କରାଯିବ ଏବଂ ହିତାଧିକାରୀମାନଙ୍କୁ ବିଧିବଦ୍ଧ ନୋଟିସ ଜାରି କରାଯିବ। ବିସ୍ତୃତ ବିବରଣୀ ଜିଲ୍ଲା କାର୍ଯ୍ୟାଳୟ ସୂଚନା ଫଳକ ଓ ୱେବସାଇଟରେ ଉପଲବ୍ଧ ଅଛି।

ପ୍ରକୃତ ଯୋଜନାର ବିବରଣୀ

୧- ଯୋଜନାରେ ଅନ୍ତର୍ଭୁକ୍ତ ଗ୍ରାମ- କୁଳାସୀଶ; ଥାନା- ସୁଆକାଟି, ତହସିଲ- ଝୁମ୍ପୁରା, ଜିଲ୍ଲା- କେନ୍ଦୁଝର ।

୨- ଏହି ଯୋଜନା ପାଇଁ ଆବଶ୍ୟକ ଜମିର ସର୍ବମୋଟ ପରିମାଣ- ୪.୦୪୦ ଏକର ।

୩- ଗ୍ରାମବାସୀ ତଥା ହିତାଧିକାରୀଙ୍କ ଆପତ୍ତି ଥିଲେ ଷାଠିଏ ଦିନ ମଧ୍ୟରେ ଦାଖଲ କରିପାରିବେ ।

୪- ସାମାଜିକ ପ୍ରଭାବ ମୂଲ୍ୟାୟନ ରିପୋର୍ଟ ଜିଲ୍ଲା କାର୍ଯ୍ୟାଳୟରେ ଅବଲୋକନ ପାଇଁ ଉପଲବ୍ଧ ।

୫- ପୂର୍ବରୁ ଏ ସଂକ୍ରାନ୍ତ ବିବରଣୀ ବିଭାଗୀୟ ୱେବସାଇଟରେ ପ୍ରକାଶିତ ହୋଇଛି ।

ତଫସିଲ ବିବରଣୀ—
ଜିଲ୍ଲା	ତହସିଲ	ଗ୍ରାମ	ଗ୍ରାମାଞ୍ଚଳ/ ସହରାଞ୍ଚଳ	ଖାତା ନଂ.	ପ୍ଲଟ ନଂ.	କିସମ	ଅଧିଗୃହୀତ ଜମି (ଏକର)	ମୋଟ ଜମି (ଏକର)
କେନ୍ଦୁଝର	ଝୁମ୍ପୁରା	କୁଳାସୀଶ	ଗ୍ରାମାଞ୍ଚଳ	ବିଭିନ୍ନ	ବିଭିନ୍ନ	ବିଭିନ୍ନ	୪.୧୯୦	୪.୦୪୦
ଏହି ଅନୁସୂଚୀରେ ଜମି ରକବା ସର୍ବମୋଟ ୪୦.୦୦ ଏକରରୁ କମ ଥିବାରୁ ସାମାଜିକ ପ୍ରଭାବ ମୂଲ୍ୟାୟନ ପ୍ରତିବଦଳ ପାଇଁ ଲୋଡ଼ା ନାହିଁ ।
ରାଜ୍ୟପାଳଙ୍କ ଆଦେଶକ୍ରମେ
ଜିଲ୍ଲାପାଳ, କେନ୍ଦୁଝର
ଭୂମି ଅନୁସୂଚୀ
ପ୍ରକଳ୍ପର ନାମ- ବାନେମାରି-ରଡଗଡ଼ ଘାଟି, ଭାୟା- ଘୋଡ଼ା - ବାନେମାରା ଏକ୍ସପ୍ରେସ - ୨ ରାସ୍ତାର ପ୍ରଶସ୍ତୀକରଣ
ମୌଜା- କୁଳାସୀଶ, ଥାନା- ସୁଆକାଟି, ତହସିଲ- ଝୁମ୍ପୁରା, ଜିଲ୍ଲା- କେନ୍ଦୁଝର, ଖାତା ନଂ.- ୪୮
କ୍ରମିକ ନଂ.	ଖାତା ନଂ.	ପ୍ରଜାଙ୍କ ନାମ ଓ ଠିକଣା	ପ୍ଲଟ ନଂ.	କିସମ	ରକବା (ଏକର)	ଅଧିକୃତ ରକବା (ଏକର)
୧	୮	ସୁଦର୍ଶନ ମୁଣ୍ଡା, ପୁରୁ ମୁଣ୍ଡା, ଦୁଲା ମୁଣ୍ଡା, ସବି ମୁଣ୍ଡା, ପିତା- ଧରଣୀ ମୁଣ୍ଡା, ଗ୍ରା- କୁଳାସୀଶ, ଥାନା- ସୁଆକାଟି, ଜି- କେନ୍ଦୁଝର	୧୧୯	ଘରବାରି	୦.୯୧୦	୦.୦୯୦
୨	୩୯	ଦୁର୍ଯ୍ୟୋଧନ ନାଏକ, ବୀରକିଶୋର ନାଏକ, ପିତା- ଲୋଚନ ନାଏକ, ଗ୍ରା- କୁଳାସୀଶ, ଥାନା- ସୁଆକାଟି, ଜି- କେନ୍ଦୁଝର	୧୯୮	ଚାଷଜମି-୨	୦.୮୪୦	୦.୧୨୦
୩	୪୭	ଗୋବର୍ଦ୍ଧନ ମହାନ୍ତ, ପିତା- ଜଗନ୍ନାଥ ମହାନ୍ତ, ଗ୍ରା- କୁଳାସୀଶ, ଥାନା- ସୁଆକାଟି, ଜି- କେନ୍ଦୁଝର	୨୬୩	ପଦର-୨	୧.୦୬୦	୦.୨୧୦
୪	୫୮	ଲକ୍ଷ୍ମୀପ୍ରିୟା ଦେଈ, ସ୍ୱା- ରଘୁନାଥ ପାତ୍ର, ଗ୍ରା- କୁଳାସୀଶ, ଥାନା- ସୁଆକାଟି, ଜି- କେନ୍ଦୁଝର	୩୧୨	ଘରବାରି	୦.୭୩୦	୦.୦୮୦
OIPR-24045/14/0015/2122	ସ୍ୱା/- ଭୂ-ଅର୍ଜନ ଅଧିକାରୀ, କେନ୍ଦୁଝର
